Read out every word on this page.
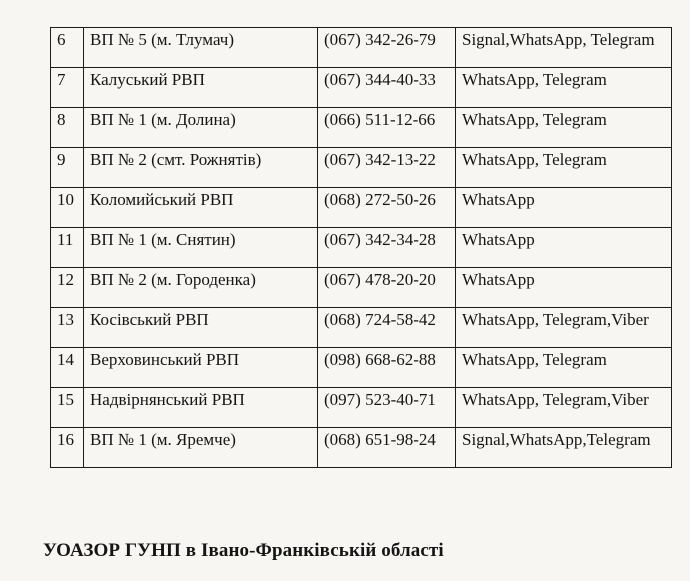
6	ВП № 5 (м. Тлумач)	(067) 342-26-79	Signal,WhatsApp, Telegram
7	Калуський РВП	(067) 344-40-33	WhatsApp, Telegram
8	ВП № 1 (м. Долина)	(066) 511-12-66	WhatsApp, Telegram
9	ВП № 2 (смт. Рожнятів)	(067) 342-13-22	WhatsApp, Telegram
10	Коломийський РВП	(068) 272-50-26	WhatsApp
11	ВП № 1 (м. Снятин)	(067) 342-34-28	WhatsApp
12	ВП № 2 (м. Городенка)	(067) 478-20-20	WhatsApp
13	Косівський РВП	(068) 724-58-42	WhatsApp, Telegram,Viber
14	Верховинський РВП	(098) 668-62-88	WhatsApp, Telegram
15	Надвірнянський РВП	(097) 523-40-71	WhatsApp, Telegram,Viber
16	ВП № 1 (м. Яремче)	(068) 651-98-24	Signal,WhatsApp,Telegram
УОАЗОР ГУНП в Івано-Франківській області
